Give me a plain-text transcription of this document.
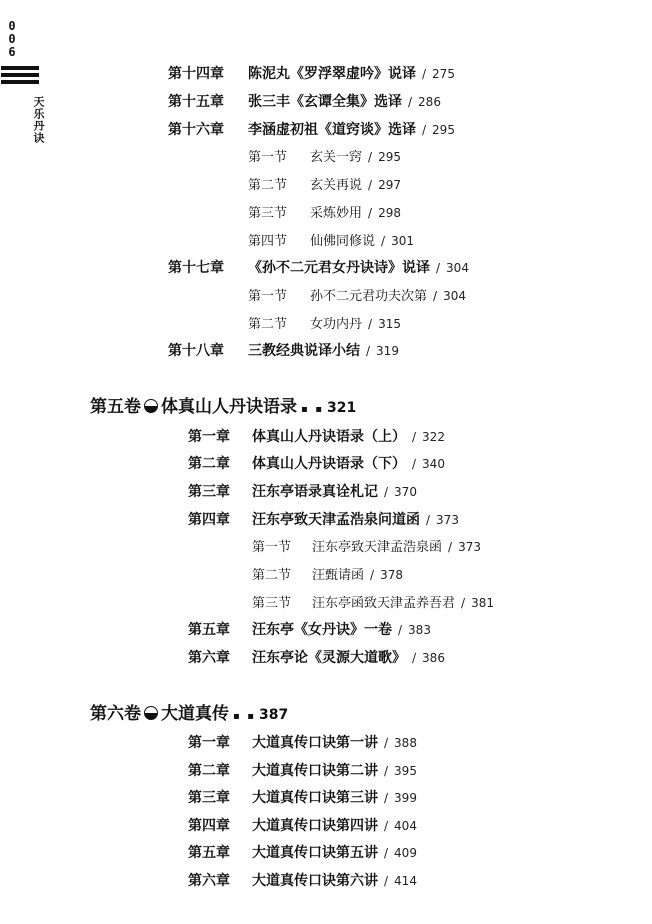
006
天乐丹诀
第十四章 陈泥丸《罗浮翠虚吟》说译 / 275
第十五章 张三丰《玄谭全集》选译 / 286
第十六章 李涵虚初祖《道窍谈》选译 / 295
第一节 玄关一窍 / 295
第二节 玄关再说 / 297
第三节 采炼妙用 / 298
第四节 仙佛同修说 / 301
第十七章 《孙不二元君女丹诀诗》说译 / 304
第一节 孙不二元君功夫次第 / 304
第二节 女功内丹 / 315
第十八章 三教经典说译小结 / 319
第五卷 体真山人丹诀语录 ▪ ▪ 321
第一章 体真山人丹诀语录（上） / 322
第二章 体真山人丹诀语录（下） / 340
第三章 汪东亭语录真诠札记 / 370
第四章 汪东亭致天津孟浩泉问道函 / 373
第一节 汪东亭致天津孟浩泉函 / 373
第二节 汪甄请函 / 378
第三节 汪东亭函致天津孟养吾君 / 381
第五章 汪东亭《女丹诀》一卷 / 383
第六章 汪东亭论《灵源大道歌》 / 386
第六卷 大道真传 ▪ ▪ 387
第一章 大道真传口诀第一讲 / 388
第二章 大道真传口诀第二讲 / 395
第三章 大道真传口诀第三讲 / 399
第四章 大道真传口诀第四讲 / 404
第五章 大道真传口诀第五讲 / 409
第六章 大道真传口诀第六讲 / 414
